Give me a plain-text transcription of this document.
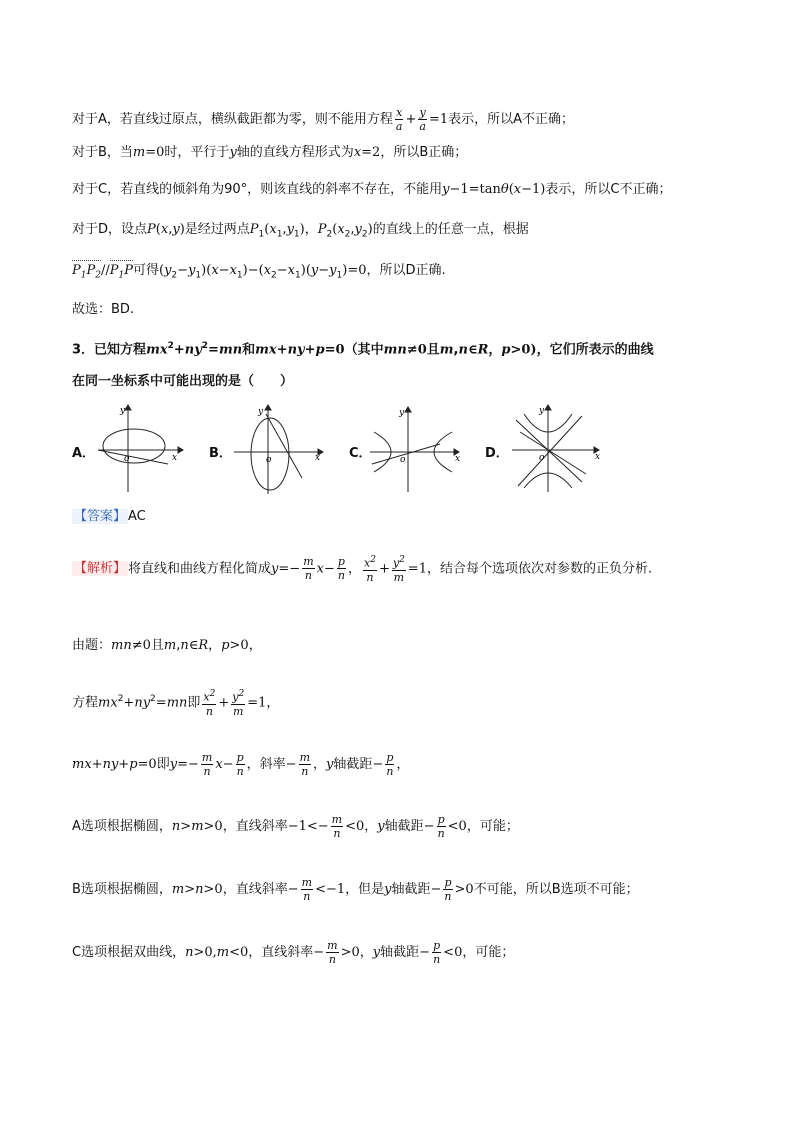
对于A，若直线过原点，横纵截距都为零，则不能用方程 $\frac{x}{a} + \frac{y}{a} =1$表示，所以A不正确；
对于B，当m=0时，平行于y轴的直线方程形式为x=2，所以B正确；
对于C，若直线的倾斜角为90°，则该直线的斜率不存在，不能用y−1=tanθ(x−1)表示，所以C不正确；
对于D，设点P(x,y)是经过两点$P_1(x_1,y_1)$，$P_2(x_2,y_2)$的直线上的任意一点，根据
$P_1P_2//P_1P$可得$(y_2-y_1)(x-x_1)-(x_2-x_1)(y-y_1)=0$，所以D正确.
故选：BD.
3．已知方程$mx^2+ny^2=mn$和mx+ny+p=0（其中mn≠0且m,n∈R，p>0)，它们所表示的曲线
在同一坐标系中可能出现的是（　　）
A．	B．	C．	D．
y
x
o
y
x
o
y
x
o
y
x
o
【答案】 AC
【解析】 将直线和曲线方程化简成$y=- \frac{m}{n} x- \frac{p}{n}$ ， $\frac{x^2}{n} + \frac{y^2}{m} =1$，结合每个选项依次对参数的正负分析.
由题：mn≠0且m,n∈R，p>0，
方程$mx^2+ny^2=mn$即 $\frac{x^2}{n} + \frac{y^2}{m} =1$，
mx+ny+p=0即$y=- \frac{m}{n} x- \frac{p}{n}$ ，斜率− $\frac{m}{n}$ ，y轴截距− $\frac{p}{n}$ ，
A选项根据椭圆，n>m>0，直线斜率$-1<- \frac{m}{n} <0$，y轴截距− $\frac{p}{n} <0$，可能；
B选项根据椭圆，m>n>0，直线斜率− $\frac{m}{n} <-1$，但是y轴截距− $\frac{p}{n} >0$不可能，所以B选项不可能；
C选项根据双曲线，n>0,m<0，直线斜率− $\frac{m}{n} >0$，y轴截距− $\frac{p}{n} <0$，可能；
